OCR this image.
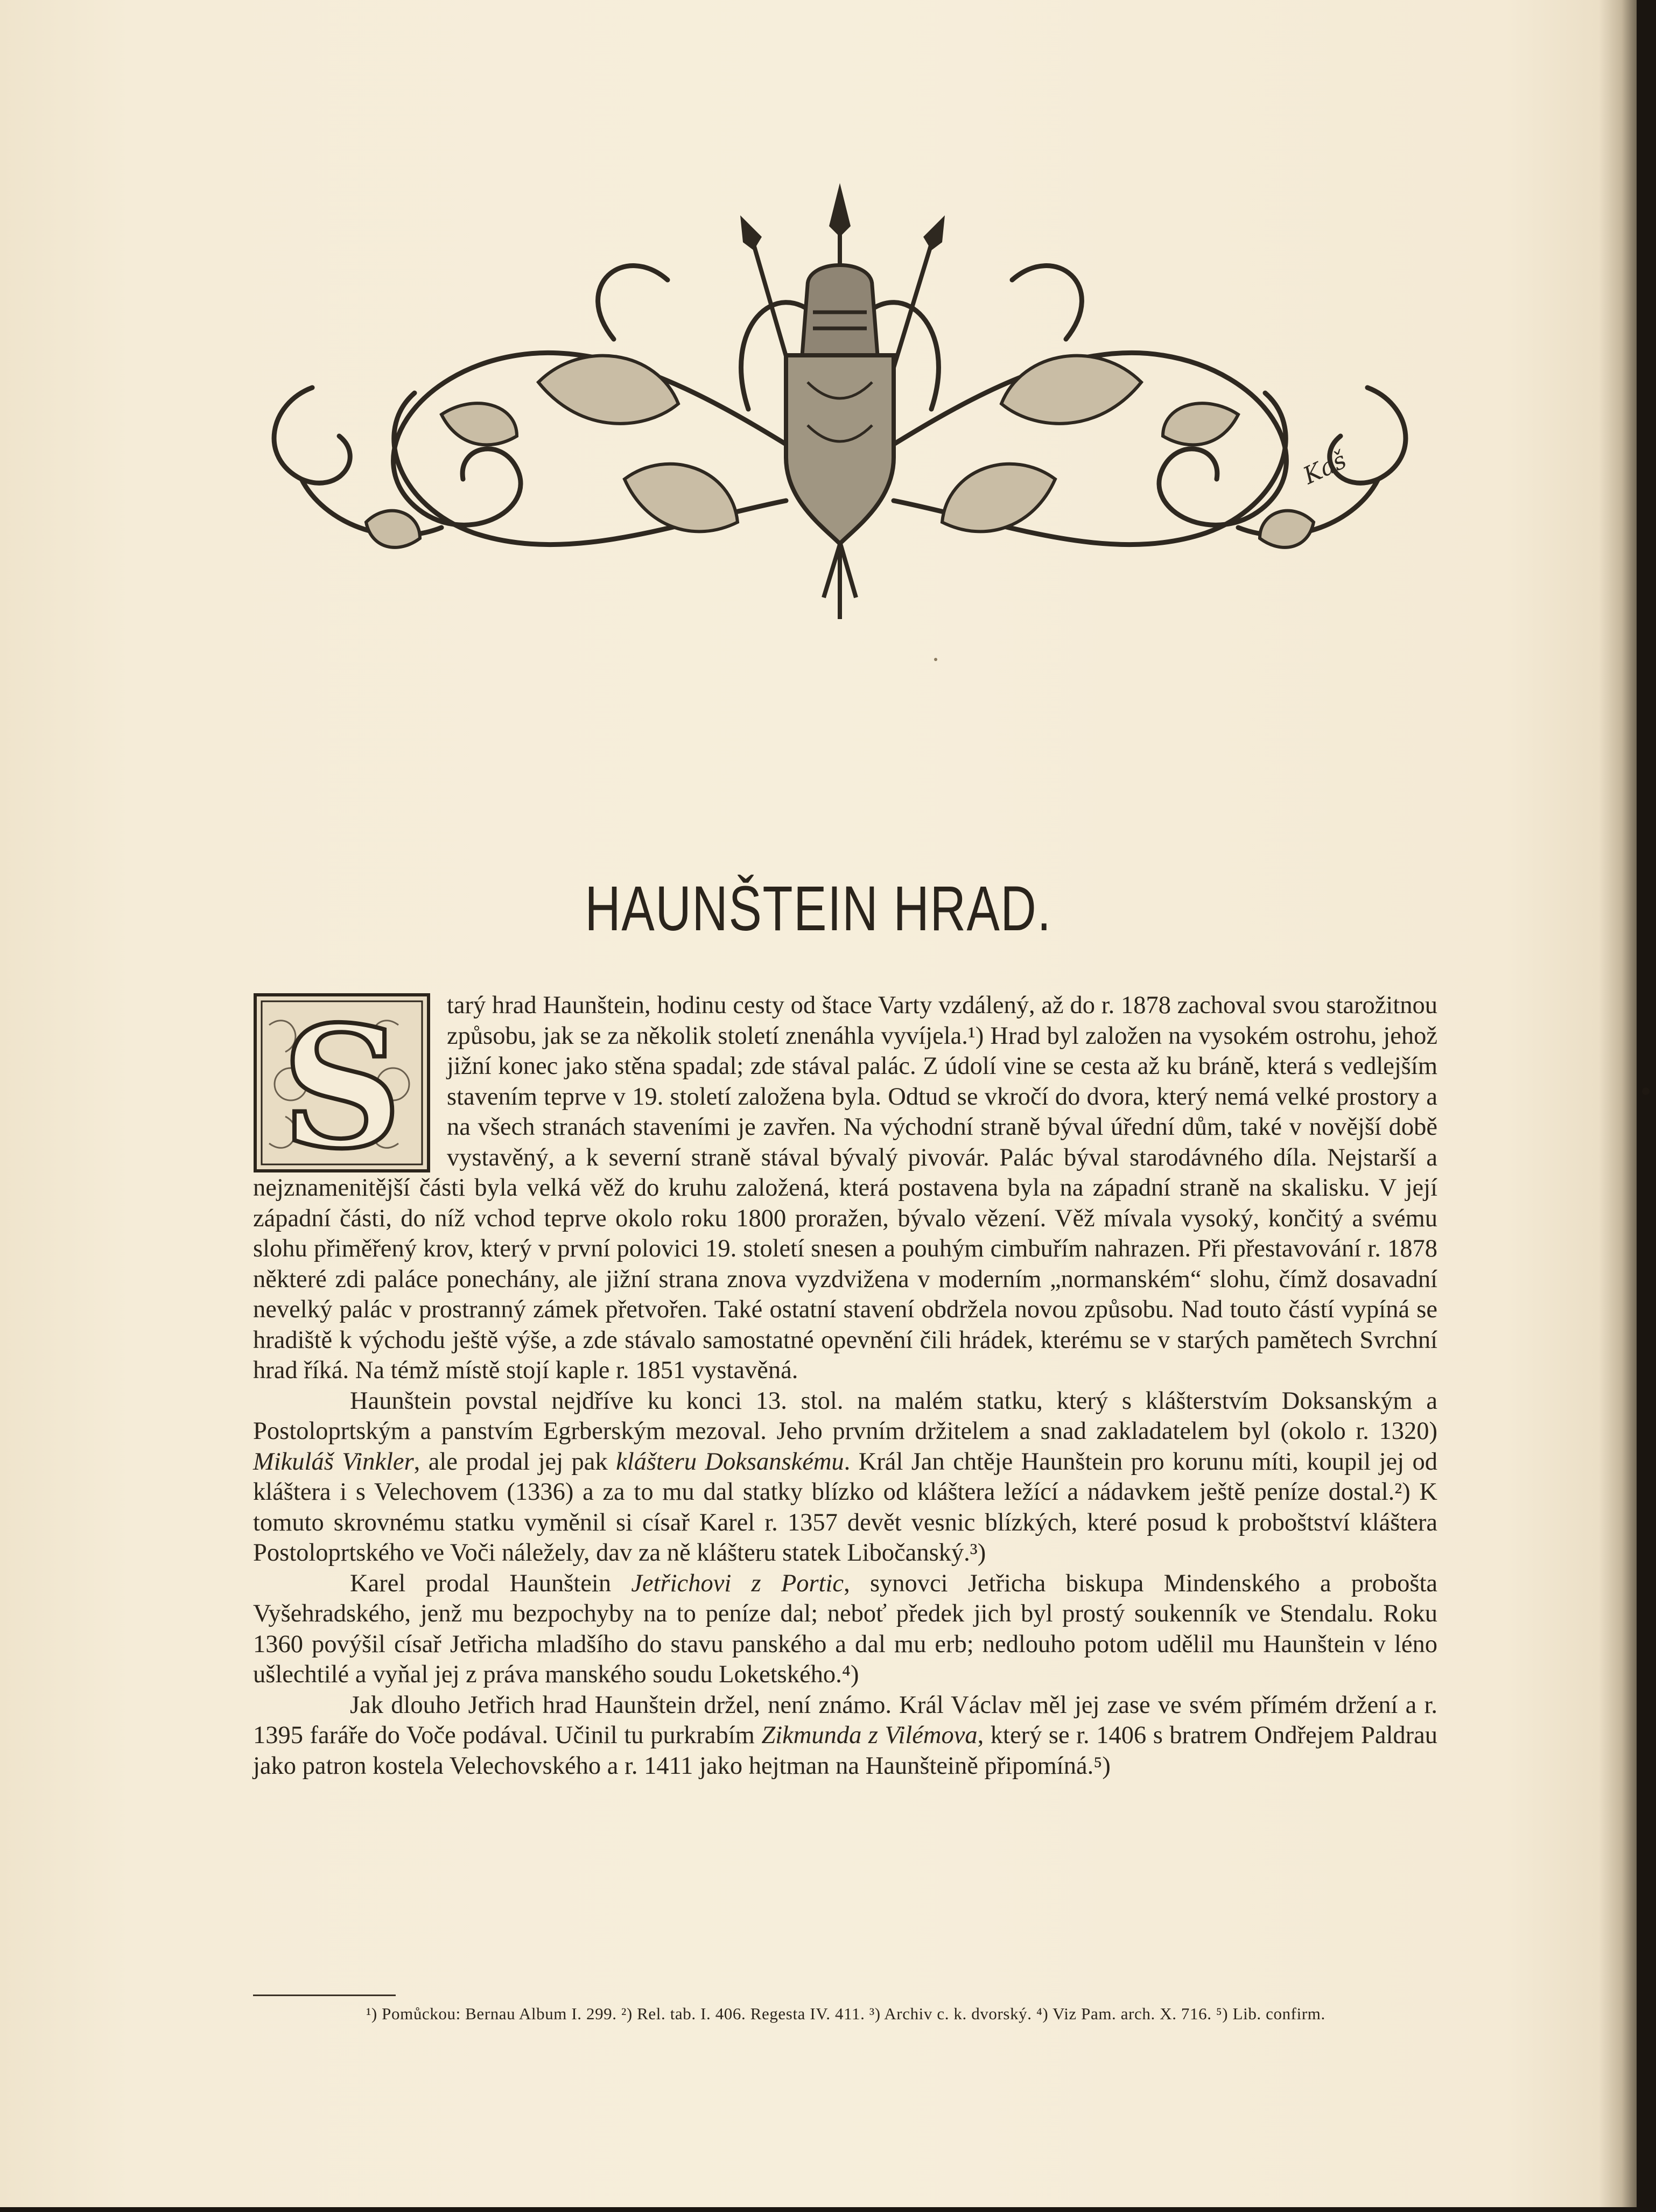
Kaš
HAUNŠTEIN HRAD.
S	tarý hrad Haunštein, hodinu cesty od štace Varty vzdálený, až do r. 1878 zachoval svou starožitnou způsobu, jak se za několik století znenáhla vyvíjela.¹) Hrad byl založen na vysokém ostrohu, jehož jižní konec jako stěna spadal; zde stával palác. Z údolí vine se cesta až ku bráně, která s vedlejším stavením teprve v 19. století založena byla. Odtud se vkročí do dvora, který nemá velké prostory a na všech stranách staveními je zavřen. Na východní straně býval úřední dům, také v novější době vystavěný, a k severní straně stával bývalý pivovár. Palác býval starodávného díla. Nejstarší a nejznamenitější části byla velká věž do kruhu založená, která postavena byla na západní straně na skalisku. V její západní části, do níž vchod teprve okolo roku 1800 proražen, bývalo vězení. Věž mívala vysoký, končitý a svému slohu přiměřený krov, který v první polovici 19. století snesen a pouhým cimbuřím nahrazen. Při přestavování r. 1878 některé zdi paláce ponechány, ale jižní strana znova vyzdvižena v moderním „normanském“ slohu, čímž dosavadní nevelký palác v prostranný zámek přetvořen. Také ostatní stavení obdržela novou způsobu. Nad touto částí vypíná se hradiště k východu ještě výše, a zde stávalo samostatné opevnění čili hrádek, kterému se v starých pamětech Svrchní hrad říká. Na témž místě stojí kaple r. 1851 vystavěná.

Haunštein povstal nejdříve ku konci 13. stol. na malém statku, který s klášterstvím Doksanským a Postoloprtským a panstvím Egrberským mezoval. Jeho prvním držitelem a snad zakladatelem byl (okolo r. 1320) Mikuláš Vinkler, ale prodal jej pak klášteru Doksanskému. Král Jan chtěje Haunštein pro korunu míti, koupil jej od kláštera i s Velechovem (1336) a za to mu dal statky blízko od kláštera ležící a nádavkem ještě peníze dostal.²) K tomuto skrovnému statku vyměnil si císař Karel r. 1357 devět vesnic blízkých, které posud k proboštství kláštera Postoloprtského ve Voči náležely, dav za ně klášteru statek Libočanský.³)

Karel prodal Haunštein Jetřichovi z Portic, synovci Jetřicha biskupa Mindenského a probošta Vyšehradského, jenž mu bezpochyby na to peníze dal; neboť předek jich byl prostý soukenník ve Stendalu. Roku 1360 povýšil císař Jetřicha mladšího do stavu panského a dal mu erb; nedlouho potom udělil mu Haunštein v léno ušlechtilé a vyňal jej z práva manského soudu Loketského.⁴)

Jak dlouho Jetřich hrad Haunštein držel, není známo. Král Václav měl jej zase ve svém přímém držení a r. 1395 faráře do Voče podával. Učinil tu purkrabím Zikmunda z Vilémova, který se r. 1406 s bratrem Ondřejem Paldrau jako patron kostela Velechovského a r. 1411 jako hejtman na Haunšteině připomíná.⁵)

¹) Pomůckou: Bernau Album I. 299. ²) Rel. tab. I. 406. Regesta IV. 411. ³) Archiv c. k. dvorský. ⁴) Viz Pam. arch. X. 716. ⁵) Lib. confirm.
